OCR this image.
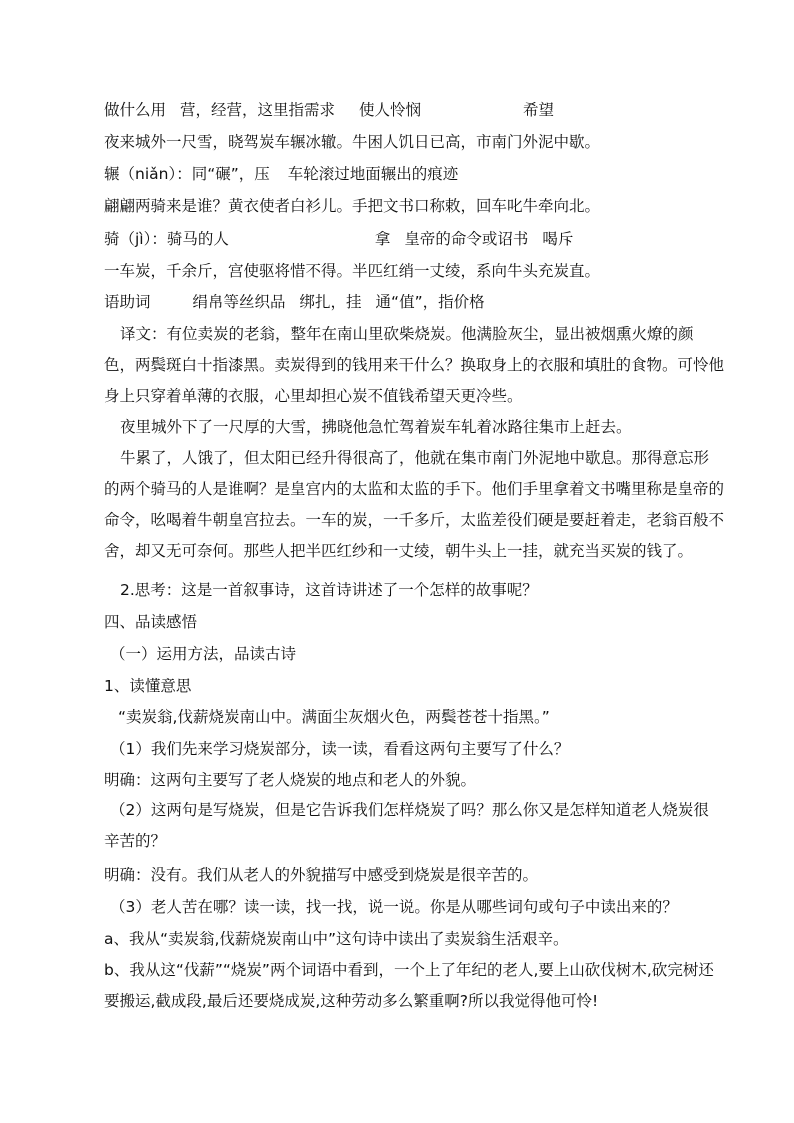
做什么用 营，经营，这里指需求 使人怜悯	希望
夜来城外一尺雪，晓驾炭车辗冰辙。牛困人饥日已高，市南门外泥中歇。
辗（niǎn）：同“碾”，压 车轮滚过地面辗出的痕迹
翩翩两骑来是谁？黄衣使者白衫儿。手把文书口称敕，回车叱牛牵向北。
骑（jì）：骑马的人	拿 皇帝的命令或诏书 喝斥
一车炭，千余斤，宫使驱将惜不得。半匹红绡一丈绫，系向牛头充炭直。
语助词	绢帛等丝织品 绑扎，挂 通“值”，指价格
译文：有位卖炭的老翁，整年在南山里砍柴烧炭。他满脸灰尘，显出被烟熏火燎的颜色，两鬓斑白十指漆黑。卖炭得到的钱用来干什么？换取身上的衣服和填肚的食物。可怜他身上只穿着单薄的衣服，心里却担心炭不值钱希望天更冷些。
夜里城外下了一尺厚的大雪，拂晓他急忙驾着炭车轧着冰路往集市上赶去。
牛累了，人饿了，但太阳已经升得很高了，他就在集市南门外泥地中歇息。那得意忘形的两个骑马的人是谁啊？是皇宫内的太监和太监的手下。他们手里拿着文书嘴里称是皇帝的命令，吆喝着牛朝皇宫拉去。一车的炭，一千多斤，太监差役们硬是要赶着走，老翁百般不舍，却又无可奈何。那些人把半匹红纱和一丈绫，朝牛头上一挂，就充当买炭的钱了。
2.思考：这是一首叙事诗，这首诗讲述了一个怎样的故事呢？
四、品读感悟
（一）运用方法，品读古诗
1、读懂意思
“卖炭翁,伐薪烧炭南山中。满面尘灰烟火色，两鬓苍苍十指黑。”
（1）我们先来学习烧炭部分，读一读，看看这两句主要写了什么？
明确：这两句主要写了老人烧炭的地点和老人的外貌。
（2）这两句是写烧炭，但是它告诉我们怎样烧炭了吗？那么你又是怎样知道老人烧炭很辛苦的？
明确：没有。我们从老人的外貌描写中感受到烧炭是很辛苦的。
（3）老人苦在哪？读一读，找一找，说一说。你是从哪些词句或句子中读出来的？
a、我从“卖炭翁,伐薪烧炭南山中”这句诗中读出了卖炭翁生活艰辛。
b、我从这“伐薪”“烧炭”两个词语中看到，一个上了年纪的老人,要上山砍伐树木,砍完树还要搬运,截成段,最后还要烧成炭,这种劳动多么繁重啊?所以我觉得他可怜!
